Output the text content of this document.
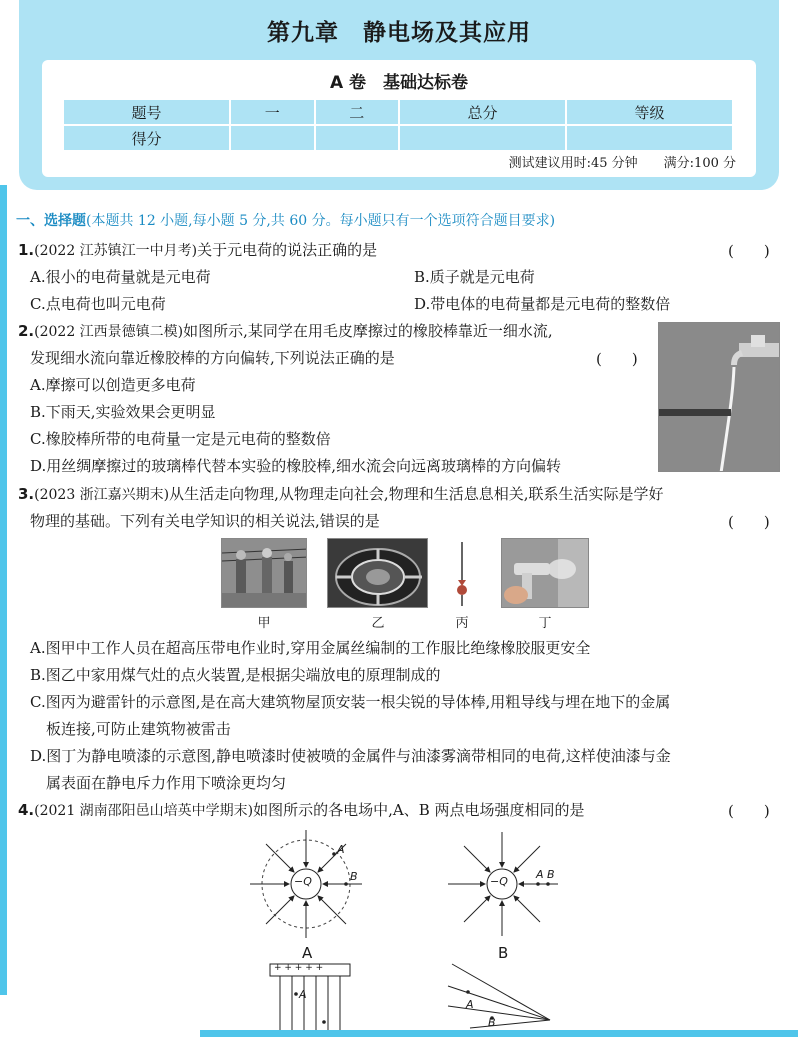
第九章　静电场及其应用
A 卷　基础达标卷
题号	一	二	总分	等级
得分				
测试建议用时:45 分钟　　满分:100 分
一、选择题(本题共 12 小题,每小题 5 分,共 60 分。每小题只有一个选项符合题目要求)
1.(2022 江苏镇江一中月考)关于元电荷的说法正确的是	(　　)
A.很小的电荷量就是元电荷	B.质子就是元电荷
C.点电荷也叫元电荷	D.带电体的电荷量都是元电荷的整数倍
2.(2022 江西景德镇二模)如图所示,某同学在用毛皮摩擦过的橡胶棒靠近一细水流,
发现细水流向靠近橡胶棒的方向偏转,下列说法正确的是	(　　)
A.摩擦可以创造更多电荷
B.下雨天,实验效果会更明显
C.橡胶棒所带的电荷量一定是元电荷的整数倍
D.用丝绸摩擦过的玻璃棒代替本实验的橡胶棒,细水流会向远离玻璃棒的方向偏转
3.(2023 浙江嘉兴期末)从生活走向物理,从物理走向社会,物理和生活息息相关,联系生活实际是学好
物理的基础。下列有关电学知识的相关说法,错误的是	(　　)
甲	乙	丙	丁
A.图甲中工作人员在超高压带电作业时,穿用金属丝编制的工作服比绝缘橡胶服更安全
B.图乙中家用煤气灶的点火装置,是根据尖端放电的原理制成的
C.图丙为避雷针的示意图,是在高大建筑物屋顶安装一根尖锐的导体棒,用粗导线与埋在地下的金属
板连接,可防止建筑物被雷击
D.图丁为静电喷漆的示意图,静电喷漆时使被喷的金属件与油漆雾滴带相同的电荷,这样使油漆与金
属表面在静电斥力作用下喷涂更均匀
4.(2021 湖南邵阳邑山培英中学期末)如图所示的各电场中,A、B 两点电场强度相同的是	(　　)
−Q
A
B
A
−Q
A B
B
+ + + + +
A
A
B
